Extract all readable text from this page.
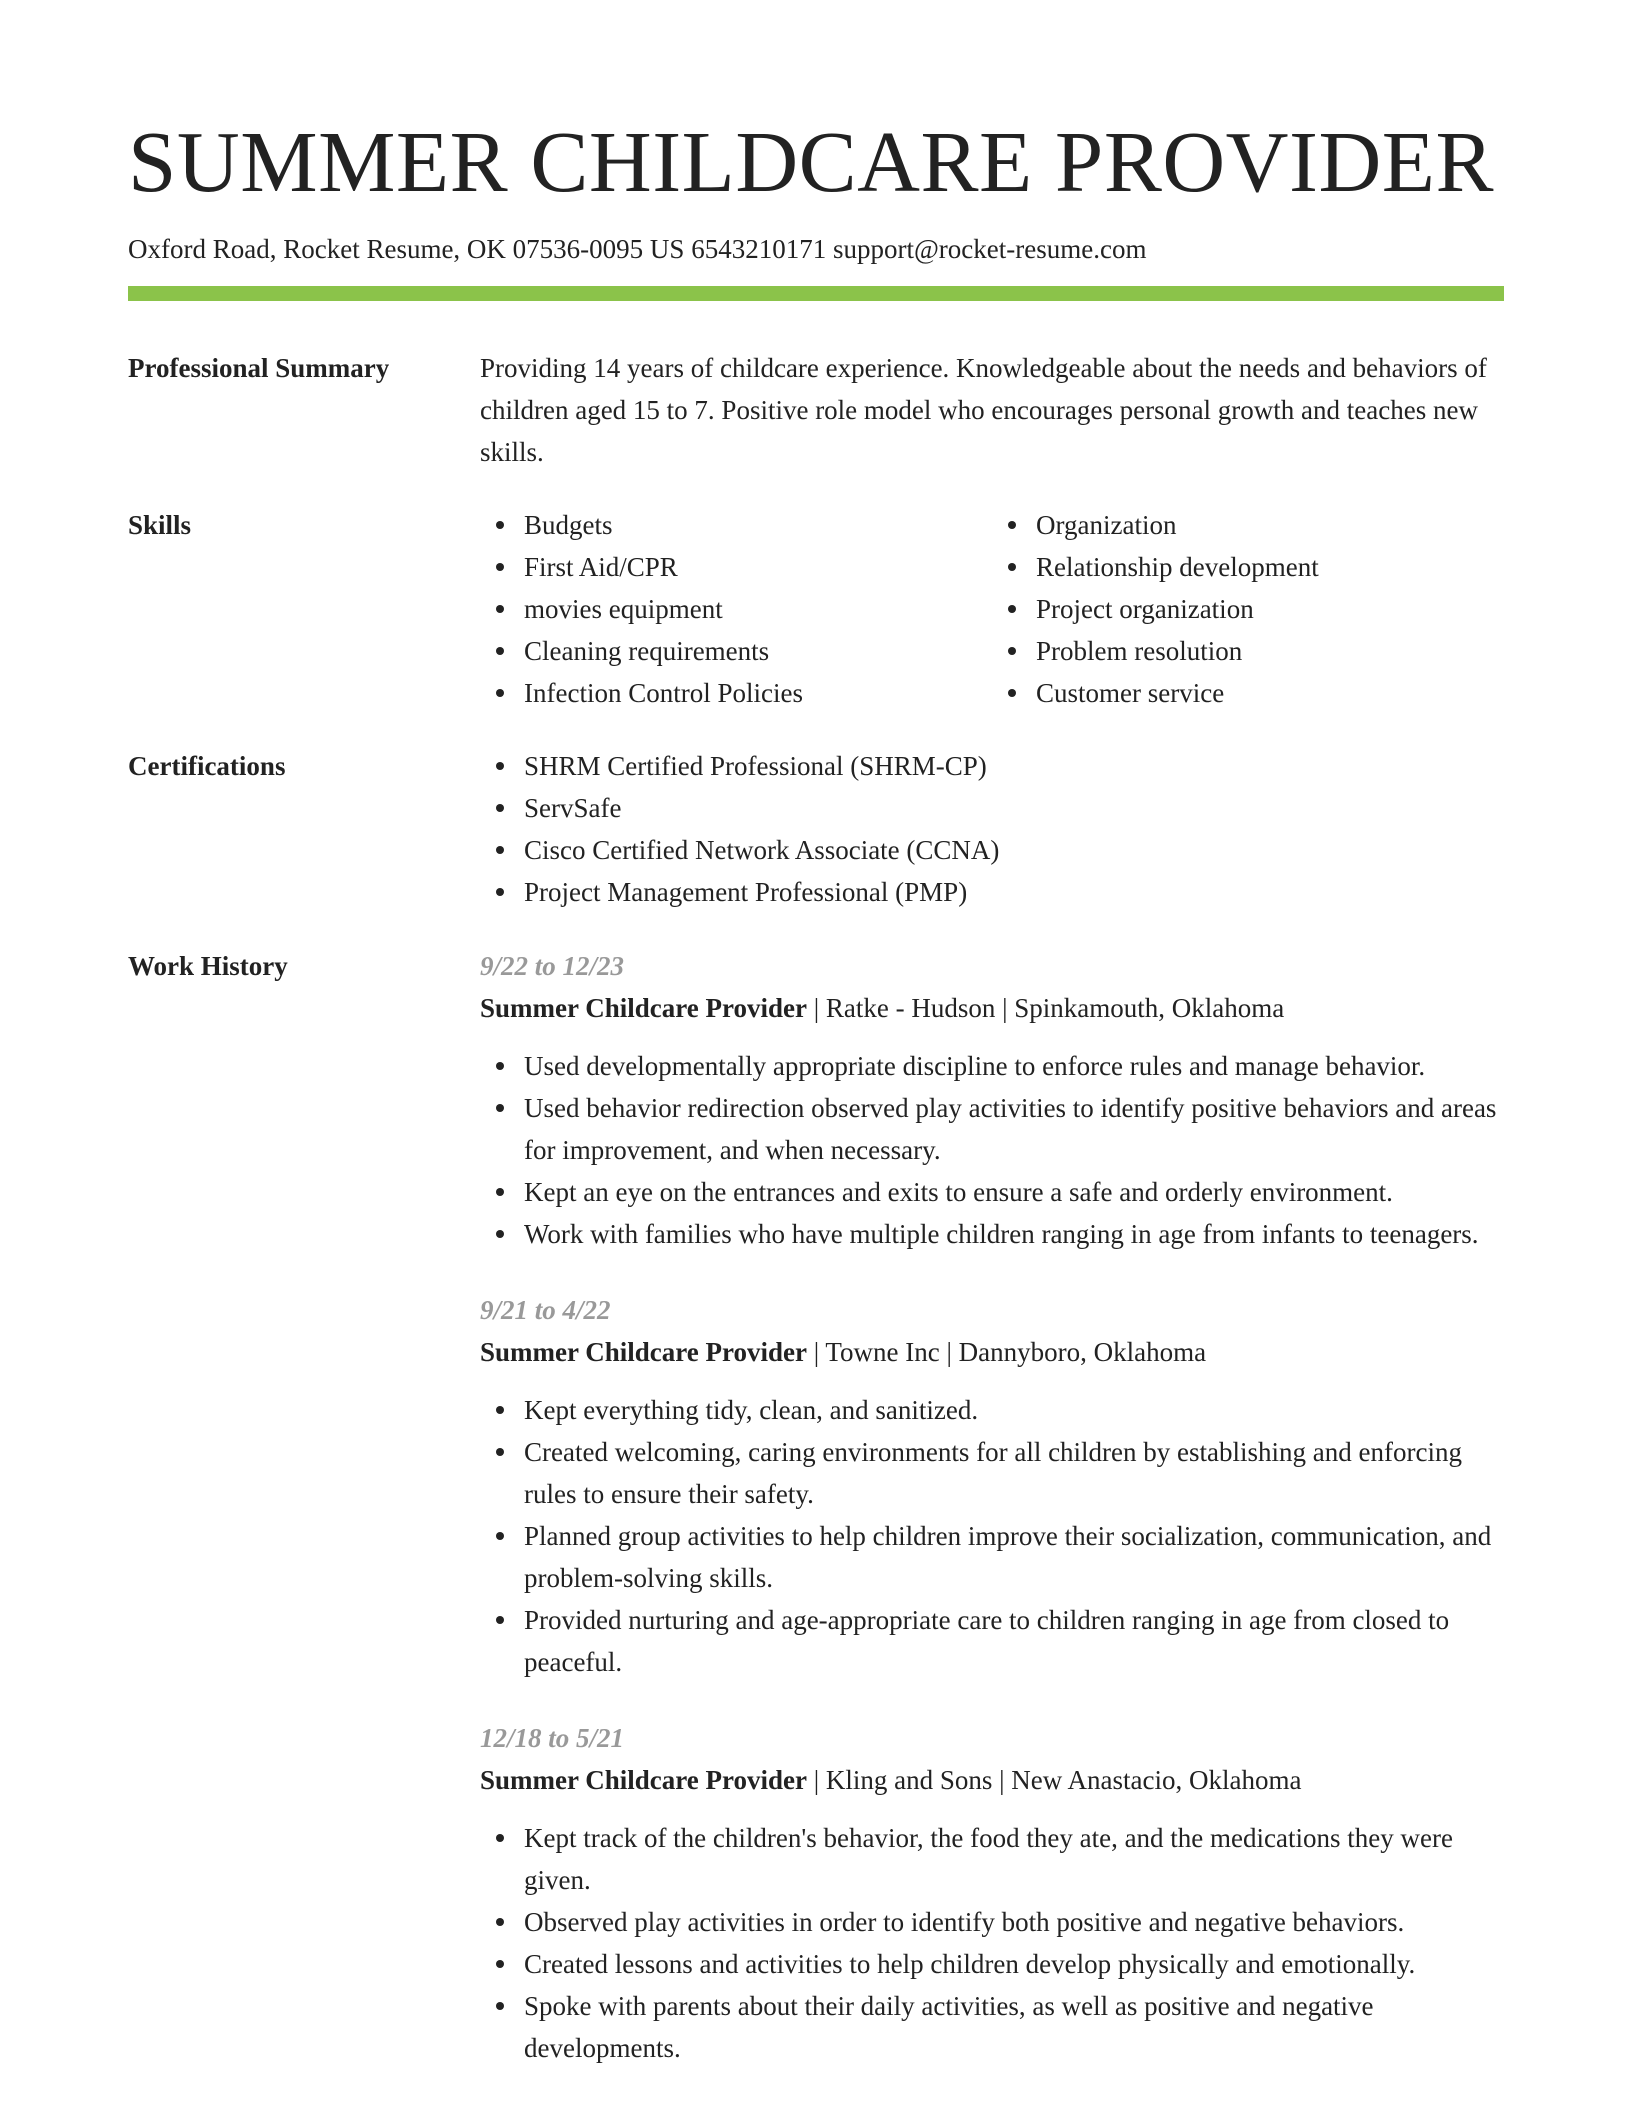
SUMMER CHILDCARE PROVIDER
Oxford Road, Rocket Resume, OK 07536-0095 US 6543210171 support@rocket-resume.com
Professional Summary	Providing 14 years of childcare experience. Knowledgeable about the needs and behaviors of children aged 15 to 7. Positive role model who encourages personal growth and teaches new skills.

Skills	Budgets
First Aid/CPR
movies equipment
Cleaning requirements
Infection Control Policies
Organization
Relationship development
Project organization
Problem resolution
Customer service
Certifications	SHRM Certified Professional (SHRM-CP)
ServSafe
Cisco Certified Network Associate (CCNA)
Project Management Professional (PMP)
Work History	9/22 to 12/23
Summer Childcare Provider | Ratke - Hudson | Spinkamouth, Oklahoma
Used developmentally appropriate discipline to enforce rules and manage behavior.
Used behavior redirection observed play activities to identify positive behaviors and areas for improvement, and when necessary.
Kept an eye on the entrances and exits to ensure a safe and orderly environment.
Work with families who have multiple children ranging in age from infants to teenagers.
9/21 to 4/22
Summer Childcare Provider | Towne Inc | Dannyboro, Oklahoma
Kept everything tidy, clean, and sanitized.
Created welcoming, caring environments for all children by establishing and enforcing rules to ensure their safety.
Planned group activities to help children improve their socialization, communication, and problem-solving skills.
Provided nurturing and age-appropriate care to children ranging in age from closed to peaceful.
12/18 to 5/21
Summer Childcare Provider | Kling and Sons | New Anastacio, Oklahoma
Kept track of the children's behavior, the food they ate, and the medications they were given.
Observed play activities in order to identify both positive and negative behaviors.
Created lessons and activities to help children develop physically and emotionally.
Spoke with parents about their daily activities, as well as positive and negative developments.
